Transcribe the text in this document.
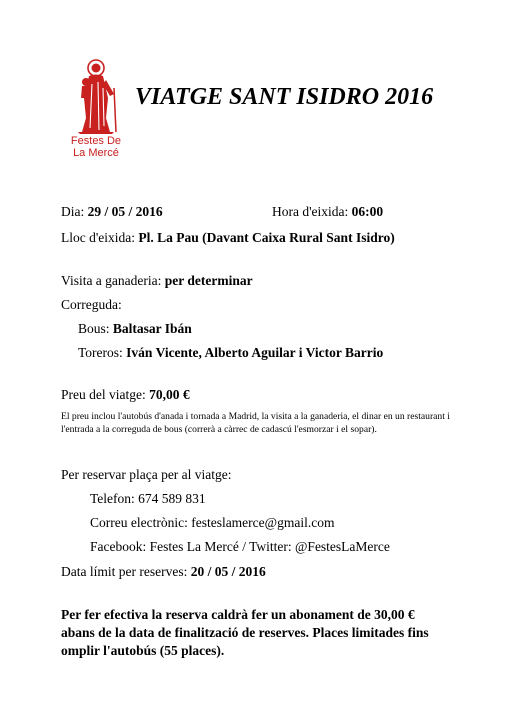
Festes De
La Mercé
VIATGE SANT ISIDRO 2016
Dia: 29 / 05 / 2016	Hora d'eixida: 06:00
Lloc d'eixida: Pl. La Pau (Davant Caixa Rural Sant Isidro)
Visita a ganaderia: per determinar
Correguda:
Bous: Baltasar Ibán
Toreros: Iván Vicente, Alberto Aguilar i Victor Barrio
Preu del viatge: 70,00 €
El preu inclou l'autobús d'anada i tornada a Madrid, la visita a la ganaderia, el dinar en un restaurant i l'entrada a la correguda de bous (correrà a càrrec de cadascú l'esmorzar i el sopar).
Per reservar plaça per al viatge:
Telefon: 674 589 831
Correu electrònic: festeslamerce@gmail.com
Facebook: Festes La Mercé / Twitter: @FestesLaMerce
Data límit per reserves: 20 / 05 / 2016
Per fer efectiva la reserva caldrà fer un abonament de 30,00 € abans de la data de finalització de reserves. Places limitades fins omplir l'autobús (55 places).
